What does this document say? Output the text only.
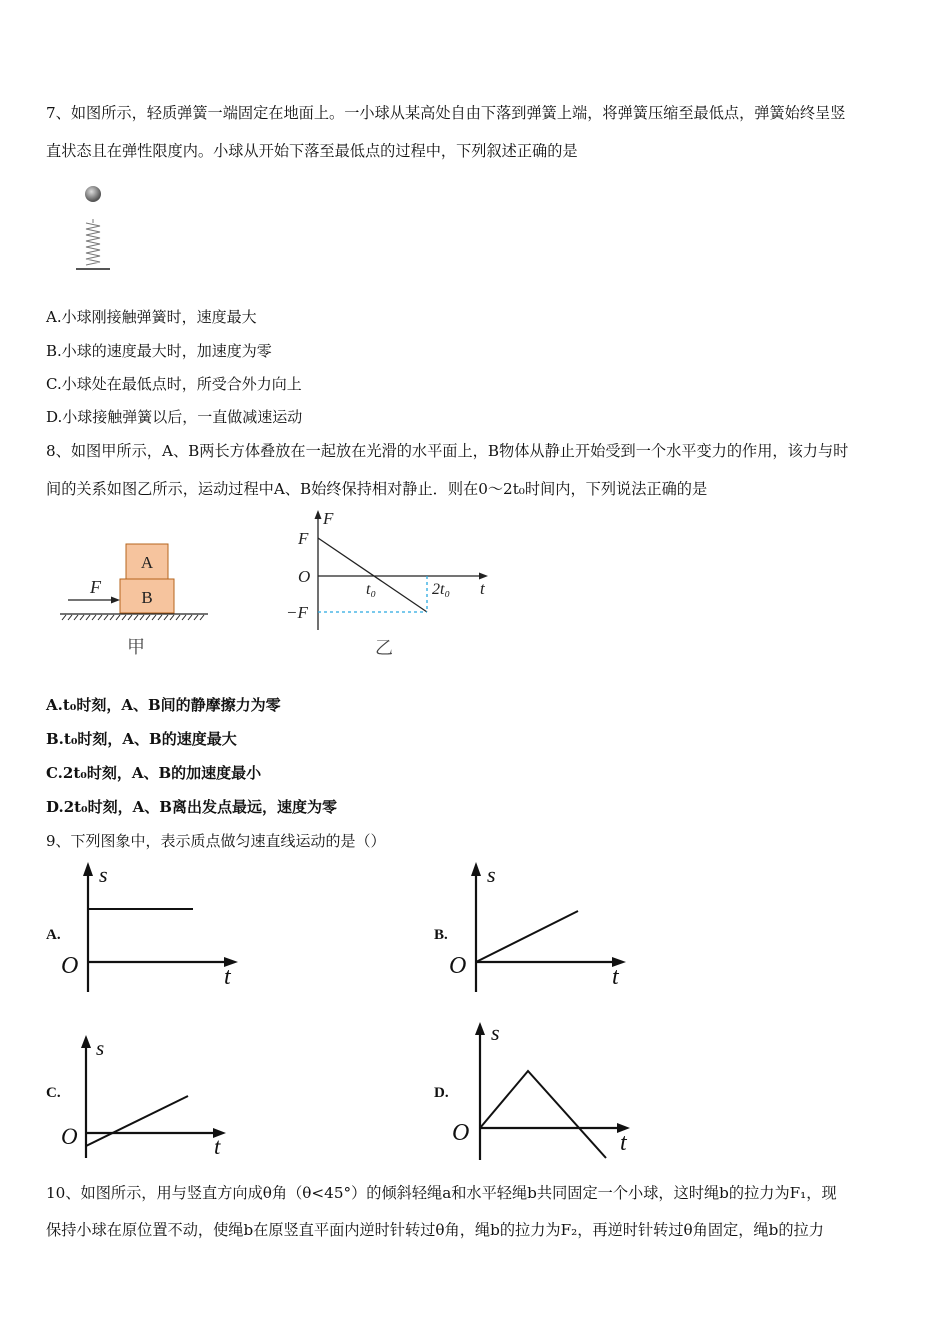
7、如图所示，轻质弹簧一端固定在地面上。一小球从某高处自由下落到弹簧上端，将弹簧压缩至最低点，弹簧始终呈竖
直状态且在弹性限度内。小球从开始下落至最低点的过程中，下列叙述正确的是
A.小球刚接触弹簧时，速度最大
B.小球的速度最大时，加速度为零
C.小球处在最低点时，所受合外力向上
D.小球接触弹簧以后，一直做减速运动
8、如图甲所示，A、B两长方体叠放在一起放在光滑的水平面上，B物体从静止开始受到一个水平变力的作用，该力与时
间的关系如图乙所示，运动过程中A、B始终保持相对静止．则在0～2t₀时间内，下列说法正确的是
A
B
F
甲
F
t
F
O
−F
t₀	2t₀
乙
A.t₀时刻，A、B间的静摩擦力为零
B.t₀时刻，A、B的速度最大
C.2t₀时刻，A、B的加速度最小
D.2t₀时刻，A、B离出发点最远，速度为零
9、下列图象中，表示质点做匀速直线运动的是（）
A.
s
O	t
B.
s
O	t
C.
s
O	t
D.
s
O	t
10、如图所示，用与竖直方向成θ角（θ<45°）的倾斜轻绳a和水平轻绳b共同固定一个小球，这时绳b的拉力为F₁，现
保持小球在原位置不动，使绳b在原竖直平面内逆时针转过θ角，绳b的拉力为F₂，再逆时针转过θ角固定，绳b的拉力
